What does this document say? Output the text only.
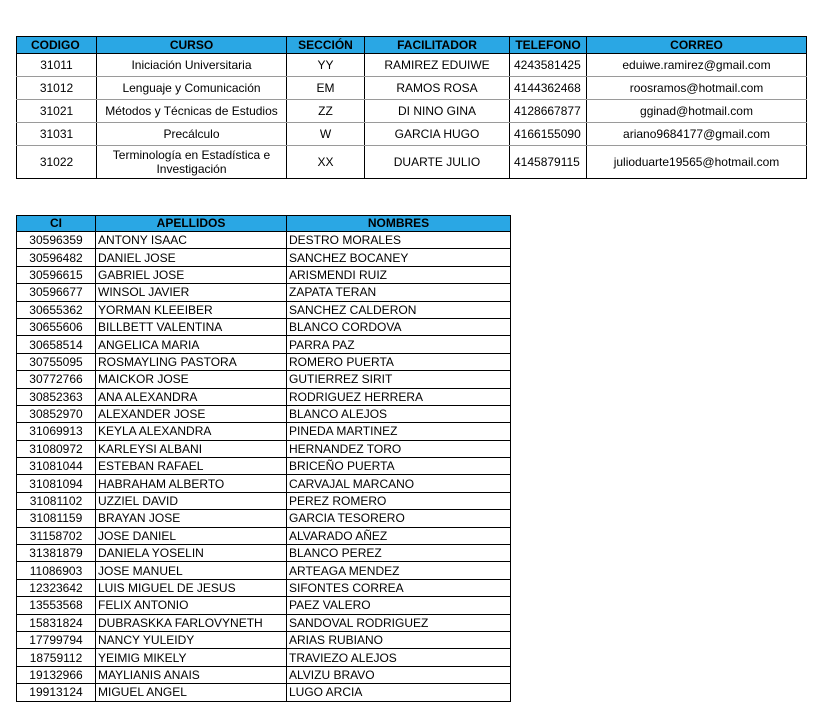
CODIGO	CURSO	SECCIÓN	FACILITADOR	TELEFONO	CORREO
31011	Iniciación Universitaria	YY	RAMIREZ EDUIWE	4243581425	eduiwe.ramirez@gmail.com
31012	Lenguaje y Comunicación	EM	RAMOS ROSA	4144362468	roosramos@hotmail.com
31021	Métodos y Técnicas de Estudios	ZZ	DI NINO GINA	4128667877	gginad@hotmail.com
31031	Precálculo	W	GARCIA HUGO	4166155090	ariano9684177@gmail.com
31022	Terminología en Estadística e Investigación	XX	DUARTE JULIO	4145879115	julioduarte19565@hotmail.com
CI	APELLIDOS	NOMBRES
30596359	ANTONY ISAAC	DESTRO MORALES
30596482	DANIEL JOSE	SANCHEZ BOCANEY
30596615	GABRIEL JOSE	ARISMENDI RUIZ
30596677	WINSOL JAVIER	ZAPATA TERAN
30655362	YORMAN KLEEIBER	SANCHEZ CALDERON
30655606	BILLBETT VALENTINA	BLANCO CORDOVA
30658514	ANGELICA MARIA	PARRA PAZ
30755095	ROSMAYLING PASTORA	ROMERO PUERTA
30772766	MAICKOR JOSE	GUTIERREZ SIRIT
30852363	ANA ALEXANDRA	RODRIGUEZ HERRERA
30852970	ALEXANDER JOSE	BLANCO ALEJOS
31069913	KEYLA ALEXANDRA	PINEDA MARTINEZ
31080972	KARLEYSI ALBANI	HERNANDEZ TORO
31081044	ESTEBAN RAFAEL	BRICEÑO PUERTA
31081094	HABRAHAM ALBERTO	CARVAJAL MARCANO
31081102	UZZIEL DAVID	PEREZ ROMERO
31081159	BRAYAN JOSE	GARCIA TESORERO
31158702	JOSE DANIEL	ALVARADO AÑEZ
31381879	DANIELA YOSELIN	BLANCO PEREZ
11086903	JOSE MANUEL	ARTEAGA MENDEZ
12323642	LUIS MIGUEL DE JESUS	SIFONTES CORREA
13553568	FELIX ANTONIO	PAEZ VALERO
15831824	DUBRASKKA FARLOVYNETH	SANDOVAL RODRIGUEZ
17799794	NANCY YULEIDY	ARIAS RUBIANO
18759112	YEIMIG MIKELY	TRAVIEZO ALEJOS
19132966	MAYLIANIS ANAIS	ALVIZU BRAVO
19913124	MIGUEL ANGEL	LUGO ARCIA
